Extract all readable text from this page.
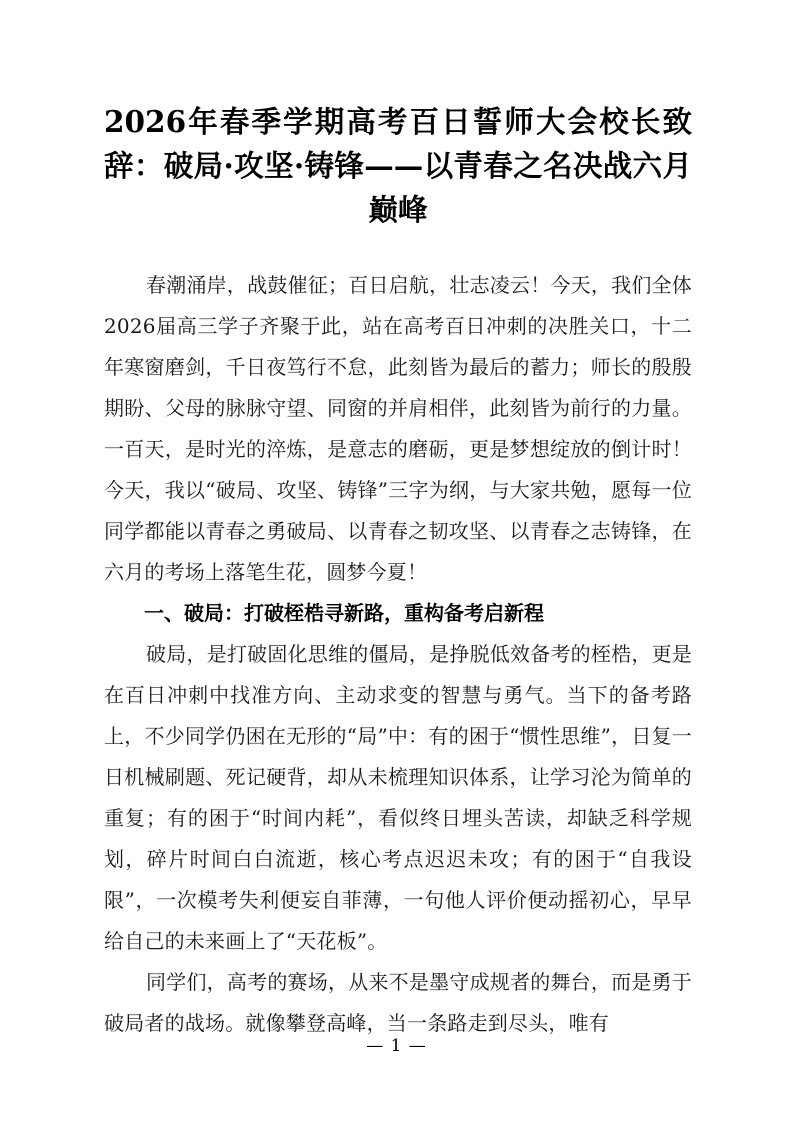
2026年春季学期高考百日誓师大会校长致辞：破局·攻坚·铸锋——以青春之名决战六月巅峰

春潮涌岸，战鼓催征；百日启航，壮志凌云！今天，我们全体2026届高三学子齐聚于此，站在高考百日冲刺的决胜关口，十二年寒窗磨剑，千日夜笃行不怠，此刻皆为最后的蓄力；师长的殷殷期盼、父母的脉脉守望、同窗的并肩相伴，此刻皆为前行的力量。一百天，是时光的淬炼，是意志的磨砺，更是梦想绽放的倒计时！今天，我以“破局、攻坚、铸锋”三字为纲，与大家共勉，愿每一位同学都能以青春之勇破局、以青春之韧攻坚、以青春之志铸锋，在六月的考场上落笔生花，圆梦今夏！

一、破局：打破桎梏寻新路，重构备考启新程

破局，是打破固化思维的僵局，是挣脱低效备考的桎梏，更是在百日冲刺中找准方向、主动求变的智慧与勇气。当下的备考路上，不少同学仍困在无形的“局”中：有的困于“惯性思维”，日复一日机械刷题、死记硬背，却从未梳理知识体系，让学习沦为简单的重复；有的困于“时间内耗”，看似终日埋头苦读，却缺乏科学规划，碎片时间白白流逝，核心考点迟迟未攻；有的困于“自我设限”，一次模考失利便妄自菲薄，一句他人评价便动摇初心，早早给自己的未来画上了“天花板”。

同学们，高考的赛场，从来不是墨守成规者的舞台，而是勇于破局者的战场。就像攀登高峰，当一条路走到尽头，唯有

— 1 —
